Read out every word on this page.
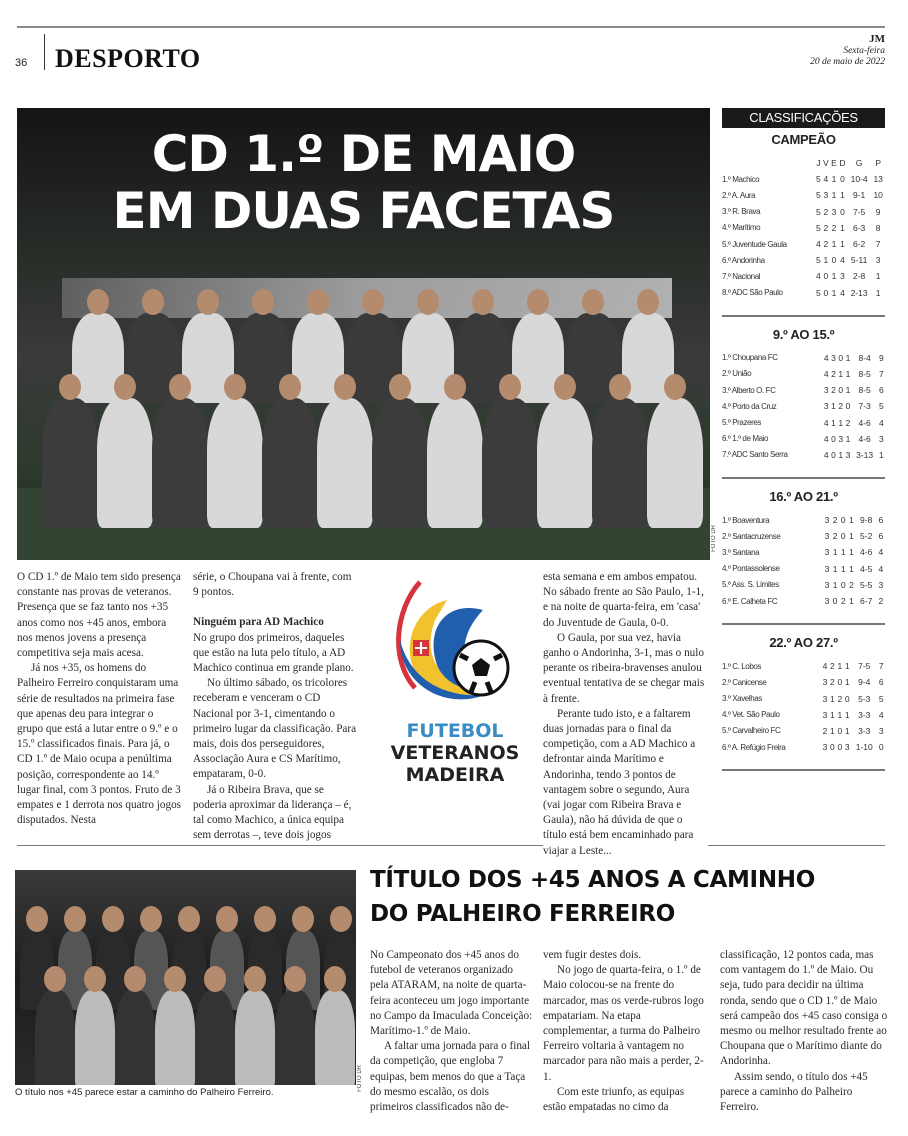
36 DESPORTO
JM
Sexta-feira
20 de maio de 2022
CD 1.º DE MAIO
EM DUAS FACETAS
FOTO DR
CLASSIFICAÇÕES
CAMPEÃO
	J	V	E	D	G	P
1.º Machico	5	4	1	0	10-4	13
2.º A. Aura	5	3	1	1	9-1	10
3.º R. Brava	5	2	3	0	7-5	9
4.º Marítimo	5	2	2	1	6-3	8
5.º Juventude Gaula	4	2	1	1	6-2	7
6.º Andorinha	5	1	0	4	5-11	3
7.º Nacional	4	0	1	3	2-8	1
8.º ADC São Paulo	5	0	1	4	2-13	1
9.º AO 15.º
1.º Choupana FC	4	3	0	1	8-4	9
2.º União	4	2	1	1	8-5	7
3.º Alberto O. FC	3	2	0	1	8-5	6
4.º Porto da Cruz	3	1	2	0	7-3	5
5.º Prazeres	4	1	1	2	4-6	4
6.º 1.º de Maio	4	0	3	1	4-6	3
7.º ADC Santo Serra	4	0	1	3	3-13	1
16.º AO 21.º
1.º Boaventura	3	2	0	1	9-8	6
2.º Santacruzense	3	2	0	1	5-2	6
3.º Santana	3	1	1	1	4-6	4
4.º Pontassolense	3	1	1	1	4-5	4
5.º Ass. S. Limites	3	1	0	2	5-5	3
6.º E. Calheta FC	3	0	2	1	6-7	2
22.º AO 27.º
1.º C. Lobos	4	2	1	1	7-5	7
2.º Canicense	3	2	0	1	9-4	6
3.º Xavelhas	3	1	2	0	5-3	5
4.º Vet. São Paulo	3	1	1	1	3-3	4
5.º Carvalheiro FC	2	1	0	1	3-3	3
6.º A. Refúgio Freira	3	0	0	3	1-10	0

O CD 1.º de Maio tem sido presença constante nas provas de veteranos. Presença que se faz tanto nos +35 anos como nos +45 anos, embora nos menos jovens a presença competitiva seja mais acesa.

Já nos +35, os homens do Palheiro Ferreiro conquistaram uma série de resultados na primeira fase que apenas deu para integrar o grupo que está a lutar entre o 9.º e o 15.º classificados finais. Para já, o CD 1.º de Maio ocupa a penúltima posição, correspondente ao 14.º lugar final, com 3 pontos. Fruto de 3 empates e 1 derrota nos quatro jogos disputados. Nesta

série, o Choupana vai à frente, com 9 pontos.

Ninguém para AD Machico

No grupo dos primeiros, daqueles que estão na luta pelo título, a AD Machico continua em grande plano.

No último sábado, os tricolores receberam e venceram o CD Nacional por 3-1, cimentando o primeiro lugar da classificação. Para mais, dois dos perseguidores, Associação Aura e CS Marítimo, empataram, 0-0.

Já o Ribeira Brava, que se poderia aproximar da liderança – é, tal como Machico, a única equipa sem derrotas –, teve dois jogos

FUTEBOL
VETERANOS
MADEIRA

esta semana e em ambos empatou. No sábado frente ao São Paulo, 1-1, e na noite de quarta-feira, em 'casa' do Juventude de Gaula, 0-0.

O Gaula, por sua vez, havia ganho o Andorinha, 3-1, mas o nulo perante os ribeira-bravenses anulou eventual tentativa de se chegar mais à frente.

Perante tudo isto, e a faltarem duas jornadas para o final da competição, com a AD Machico a defrontar ainda Marítimo e Andorinha, tendo 3 pontos de vantagem sobre o segundo, Aura (vai jogar com Ribeira Brava e Gaula), não há dúvida de que o título está bem encaminhado para viajar a Leste...

FOTO DR
O título nos +45 parece estar a caminho do Palheiro Ferreiro.
TÍTULO DOS +45 ANOS A CAMINHO
DO PALHEIRO FERREIRO

No Campeonato dos +45 anos do futebol de veteranos organizado pela ATARAM, na noite de quarta-feira aconteceu um jogo importante no Campo da Imaculada Conceição: Marítimo-1.º de Maio.

A faltar uma jornada para o final da competição, que engloba 7 equipas, bem menos do que a Taça do mesmo escalão, os dois primeiros classificados não de-

vem fugir destes dois.

No jogo de quarta-feira, o 1.º de Maio colocou-se na frente do marcador, mas os verde-rubros logo empatariam. Na etapa complementar, a turma do Palheiro Ferreiro voltaria à vantagem no marcador para não mais a perder, 2-1.

Com este triunfo, as equipas estão empatadas no cimo da

classificação, 12 pontos cada, mas com vantagem do 1.º de Maio. Ou seja, tudo para decidir na última ronda, sendo que o CD 1.º de Maio será campeão dos +45 caso consiga o mesmo ou melhor resultado frente ao Choupana que o Marítimo diante do Andorinha.

Assim sendo, o título dos +45 parece a caminho do Palheiro Ferreiro.
